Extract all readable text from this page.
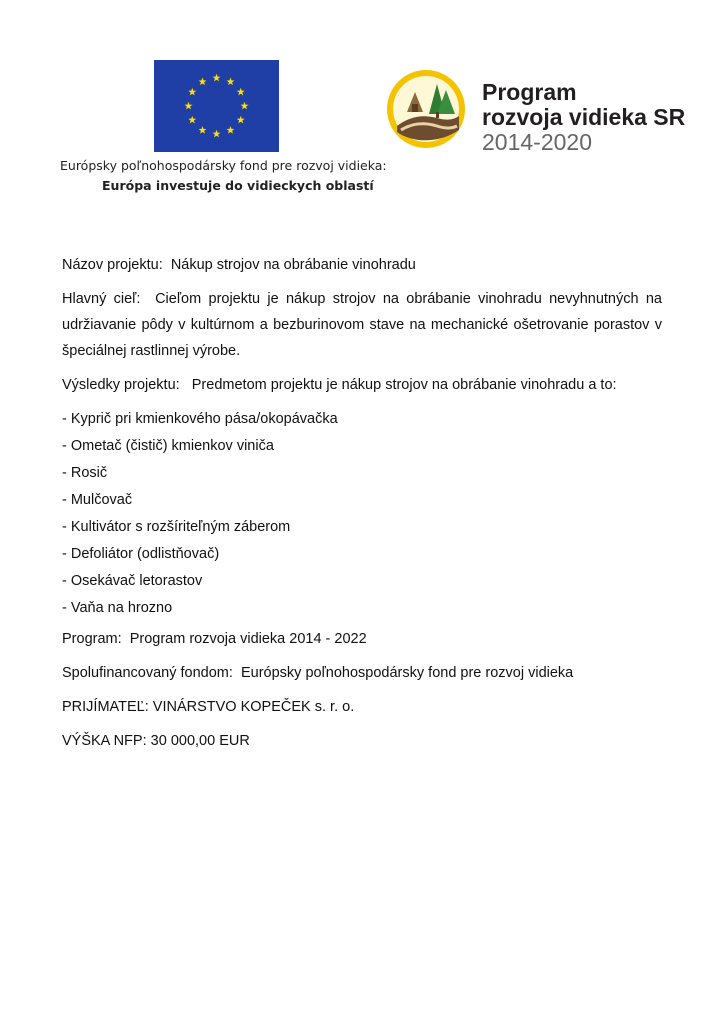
Európsky poľnohospodársky fond pre rozvoj vidieka:
Európa investuje do vidieckych oblastí
Program
rozvoja vidieka SR
2014-2020

Názov projektu: Nákup strojov na obrábanie vinohradu

Hlavný cieľ: Cieľom projektu je nákup strojov na obrábanie vinohradu nevyhnutných na udržiavanie pôdy v kultúrnom a bezburinovom stave na mechanické ošetrovanie porastov v špeciálnej rastlinnej výrobe.

Výsledky projektu: Predmetom projektu je nákup strojov na obrábanie vinohradu a to:

- Kyprič pri kmienkového pása/okopávačka
- Ometač (čistič) kmienkov viniča
- Rosič
- Mulčovač
- Kultivátor s rozšíriteľným záberom
- Defoliátor (odlistňovač)
- Osekávač letorastov
- Vaňa na hrozno

Program: Program rozvoja vidieka 2014 - 2022

Spolufinancovaný fondom: Európsky poľnohospodársky fond pre rozvoj vidieka

PRIJÍMATEĽ: VINÁRSTVO KOPEČEK s. r. o.

VÝŠKA NFP: 30 000,00 EUR
